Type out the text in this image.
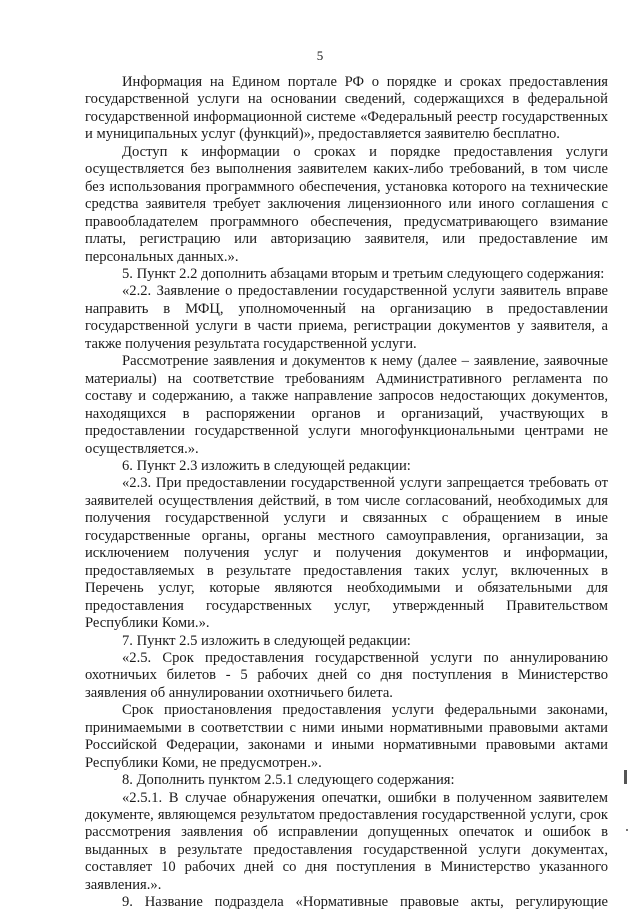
5

Информация на Едином портале РФ о порядке и сроках предоставления государственной услуги на основании сведений, содержащихся в федеральной государственной информационной системе «Федеральный реестр государственных и муниципальных услуг (функций)», предоставляется заявителю бесплатно.

Доступ к информации о сроках и порядке предоставления услуги осуществляется без выполнения заявителем каких-либо требований, в том числе без использования программного обеспечения, установка которого на технические средства заявителя требует заключения лицензионного или иного соглашения с правообладателем программного обеспечения, предусматривающего взимание платы, регистрацию или авторизацию заявителя, или предоставление им персональных данных.».

5. Пункт 2.2 дополнить абзацами вторым и третьим следующего содержания:

«2.2. Заявление о предоставлении государственной услуги заявитель вправе направить в МФЦ, уполномоченный на организацию в предоставлении государственной услуги в части приема, регистрации документов у заявителя, а также получения результата государственной услуги.

Рассмотрение заявления и документов к нему (далее – заявление, заявочные материалы) на соответствие требованиям Административного регламента по составу и содержанию, а также направление запросов недостающих документов, находящихся в распоряжении органов и организаций, участвующих в предоставлении государственной услуги многофункциональными центрами не осуществляется.».

6. Пункт 2.3 изложить в следующей редакции:

«2.3. При предоставлении государственной услуги запрещается требовать от заявителей осуществления действий, в том числе согласований, необходимых для получения государственной услуги и связанных с обращением в иные государственные органы, органы местного самоуправления, организации, за исключением получения услуг и получения документов и информации, предоставляемых в результате предоставления таких услуг, включенных в Перечень услуг, которые являются необходимыми и обязательными для предоставления государственных услуг, утвержденный Правительством Республики Коми.».

7. Пункт 2.5 изложить в следующей редакции:

«2.5. Срок предоставления государственной услуги по аннулированию охотничьих билетов - 5 рабочих дней со дня поступления в Министерство заявления об аннулировании охотничьего билета.

Срок приостановления предоставления услуги федеральными законами, принимаемыми в соответствии с ними иными нормативными правовыми актами Российской Федерации, законами и иными нормативными правовыми актами Республики Коми, не предусмотрен.».

8. Дополнить пунктом 2.5.1 следующего содержания:

«2.5.1. В случае обнаружения опечатки, ошибки в полученном заявителем документе, являющемся результатом предоставления государственной услуги, срок рассмотрения заявления об исправлении допущенных опечаток и ошибок в выданных в результате предоставления государственной услуги документах, составляет 10 рабочих дней со дня поступления в Министерство указанного заявления.».

9. Название подраздела «Нормативные правовые акты, регулирующие
